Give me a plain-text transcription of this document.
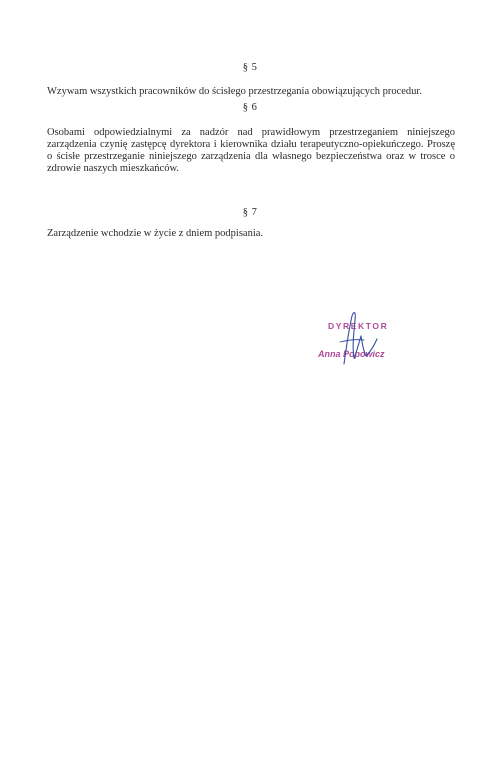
§ 5
Wzywam wszystkich pracowników do ścisłego przestrzegania obowiązujących procedur.
§ 6
Osobami odpowiedzialnymi za nadzór nad prawidłowym przestrzeganiem niniejszego zarządzenia czynię zastępcę dyrektora i kierownika działu terapeutyczno-opiekuńczego. Proszę o ścisłe przestrzeganie niniejszego zarządzenia dla własnego bezpieczeństwa oraz w trosce o zdrowie naszych mieszkańców.
§ 7
Zarządzenie wchodzie w życie z dniem podpisania.
DYREKTOR
Anna Popowicz
